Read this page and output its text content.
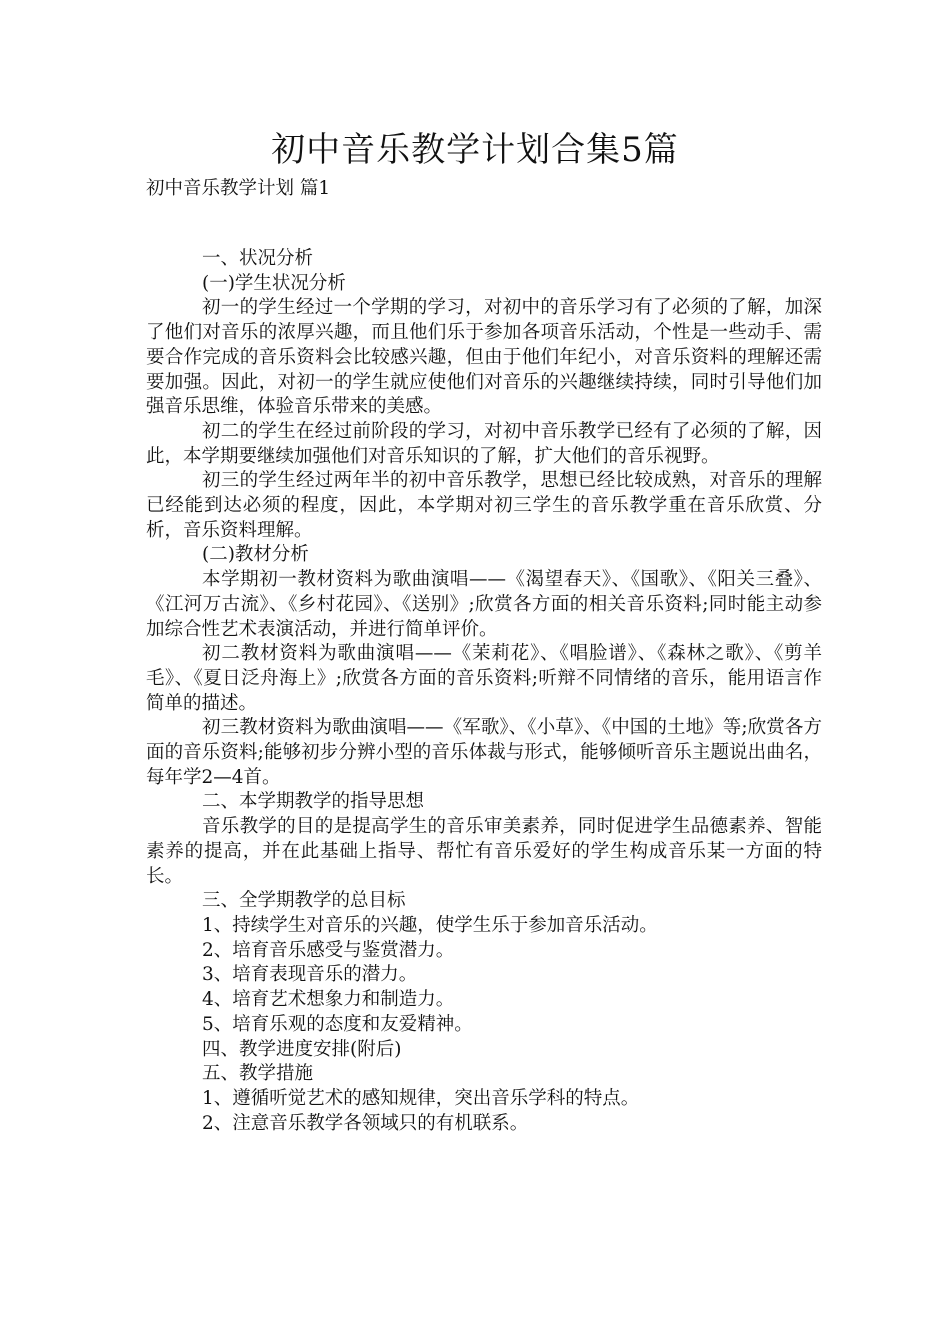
初中音乐教学计划合集5篇

初中音乐教学计划 篇1

一、状况分析

(一)学生状况分析

初一的学生经过一个学期的学习，对初中的音乐学习有了必须的了解，加深了他们对音乐的浓厚兴趣，而且他们乐于参加各项音乐活动，个性是一些动手、需要合作完成的音乐资料会比较感兴趣，但由于他们年纪小，对音乐资料的理解还需要加强。因此，对初一的学生就应使他们对音乐的兴趣继续持续，同时引导他们加强音乐思维，体验音乐带来的美感。

初二的学生在经过前阶段的学习，对初中音乐教学已经有了必须的了解，因此，本学期要继续加强他们对音乐知识的了解，扩大他们的音乐视野。

初三的学生经过两年半的初中音乐教学，思想已经比较成熟，对音乐的理解已经能到达必须的程度，因此，本学期对初三学生的音乐教学重在音乐欣赏、分析，音乐资料理解。

(二)教材分析

本学期初一教材资料为歌曲演唱——《渴望春天》、《国歌》、《阳关三叠》、《江河万古流》、《乡村花园》、《送别》;欣赏各方面的相关音乐资料;同时能主动参加综合性艺术表演活动，并进行简单评价。

初二教材资料为歌曲演唱——《茉莉花》、《唱脸谱》、《森林之歌》、《剪羊毛》、《夏日泛舟海上》;欣赏各方面的音乐资料;听辩不同情绪的音乐，能用语言作简单的描述。

初三教材资料为歌曲演唱——《军歌》、《小草》、《中国的土地》等;欣赏各方面的音乐资料;能够初步分辨小型的音乐体裁与形式，能够倾听音乐主题说出曲名，每年学2—4首。

二、本学期教学的指导思想

音乐教学的目的是提高学生的音乐审美素养，同时促进学生品德素养、智能素养的提高，并在此基础上指导、帮忙有音乐爱好的学生构成音乐某一方面的特长。

三、全学期教学的总目标

1、持续学生对音乐的兴趣，使学生乐于参加音乐活动。

2、培育音乐感受与鉴赏潜力。

3、培育表现音乐的潜力。

4、培育艺术想象力和制造力。

5、培育乐观的态度和友爱精神。

四、教学进度安排(附后)

五、教学措施

1、遵循听觉艺术的感知规律，突出音乐学科的特点。

2、注意音乐教学各领域只的有机联系。
